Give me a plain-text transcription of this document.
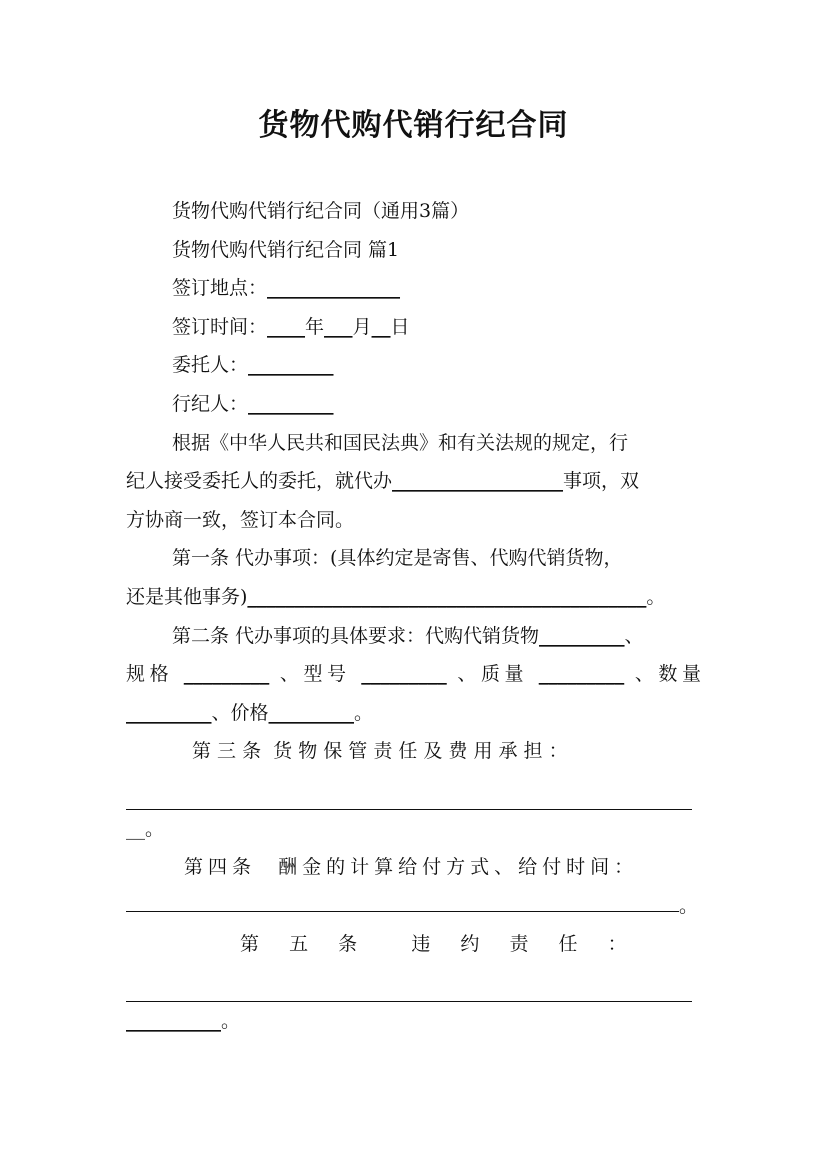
货物代购代销行纪合同

货物代购代销行纪合同（通用3篇）

货物代购代销行纪合同 篇1

签订地点：______________

签订时间：____年___月__日

委托人：_________

行纪人：_________

根据《中华人民共和国民法典》和有关法规的规定，行

纪人接受委托人的委托，就代办__________________事项，双

方协商一致，签订本合同。

第一条 代办事项：(具体约定是寄售、代购代销货物，

还是其他事务)__________________________________________。

第二条 代办事项的具体要求：代购代销货物_________、

规格 _________ 、型号 _________ 、质量 _________ 、数量

_________、价格_________。

第 三 条  货 物 保 管 责 任 及 费 用 承 担 ：

__。

第四条  酬金的计算给付方式、给付时间：

。

第  五  条    违  约  责  任  ：

__________。
